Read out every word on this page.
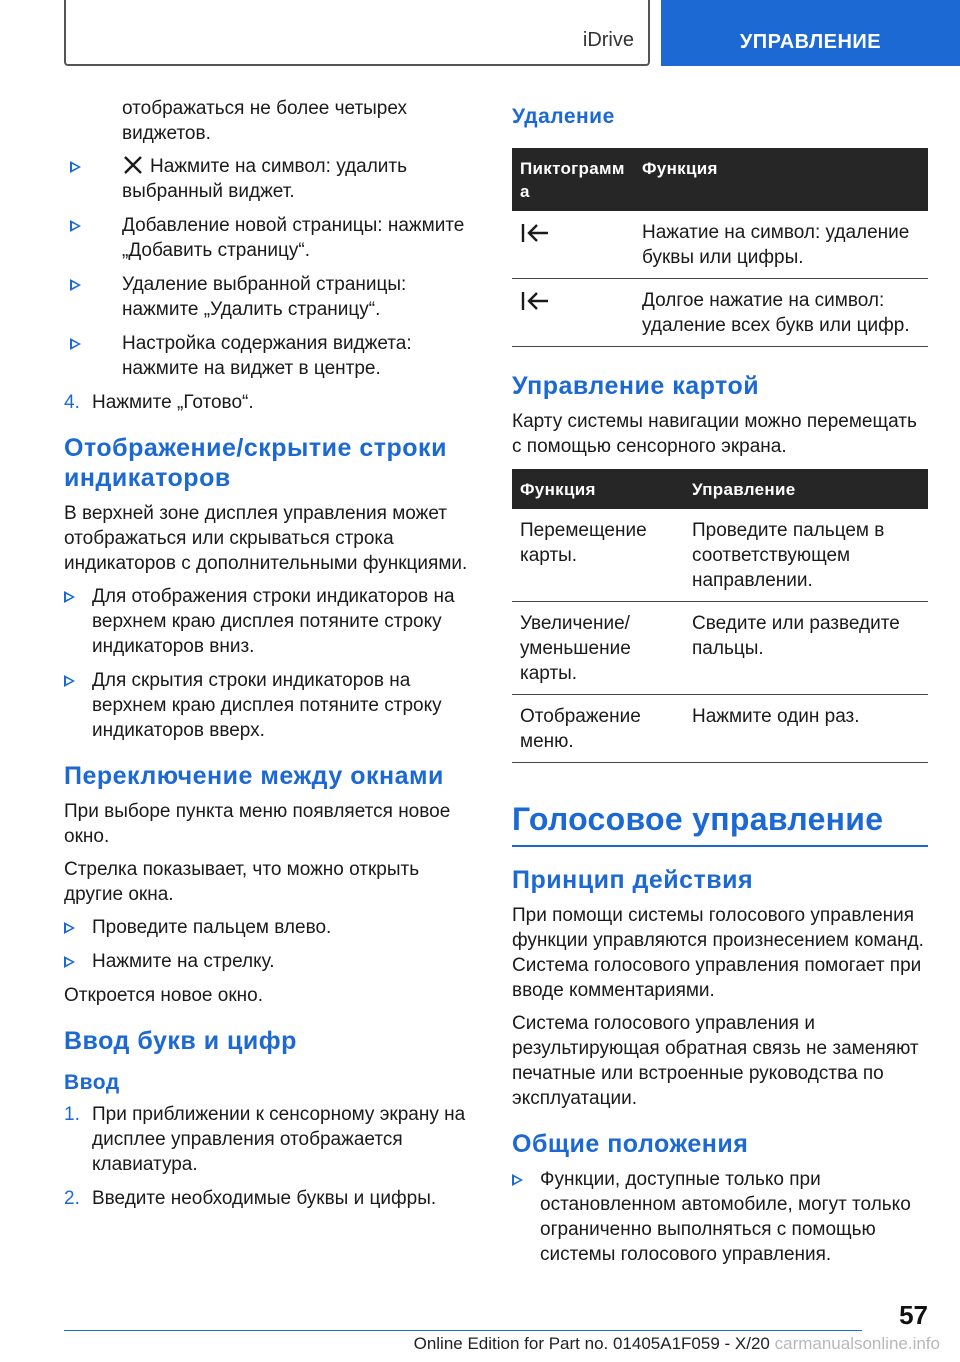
iDrive	УПРАВЛЕНИЕ

отображаться не более четырех виджетов.

Нажмите на символ: удалить выбранный виджет.
Добавление новой страницы: нажмите „Добавить страницу“.
Удаление выбранной страницы: нажмите „Удалить страницу“.
Настройка содержания виджета: нажмите на виджет в центре.
4. Нажмите „Готово“.
Отображение/скрытие строки индикаторов

В верхней зоне дисплея управления может отображаться или скрываться строка индикаторов с дополнительными функциями.

Для отображения строки индикаторов на верхнем краю дисплея потяните строку индикаторов вниз.
Для скрытия строки индикаторов на верхнем краю дисплея потяните строку индикаторов вверх.
Переключение между окнами

При выборе пункта меню появляется новое окно.

Стрелка показывает, что можно открыть другие окна.

Проведите пальцем влево.
Нажмите на стрелку.

Откроется новое окно.

Ввод букв и цифр
Ввод
1. При приближении к сенсорному экрану на дисплее управления отображается клавиатура.
2. Введите необходимые буквы и цифры.
Удаление
Пиктограмма	Функция
	Нажатие на символ: удаление буквы или цифры.
	Долгое нажатие на символ: удаление всех букв или цифр.
Управление картой

Карту системы навигации можно перемещать с помощью сенсорного экрана.

Функция	Управление
Перемещение карты.	Проведите пальцем в соответствующем направлении.
Увеличение/ уменьшение карты.	Сведите или разведите пальцы.
Отображение меню.	Нажмите один раз.
Голосовое управление
Принцип действия

При помощи системы голосового управления функции управляются произнесением команд. Система голосового управления помогает при вводе комментариями.

Система голосового управления и результирующая обратная связь не заменяют печатные или встроенные руководства по эксплуатации.

Общие положения
Функции, доступные только при остановленном автомобиле, могут только ограниченно выполняться с помощью системы голосового управления.
57
Online Edition for Part no. 01405A1F059 - X/20 carmanualsonline.info
